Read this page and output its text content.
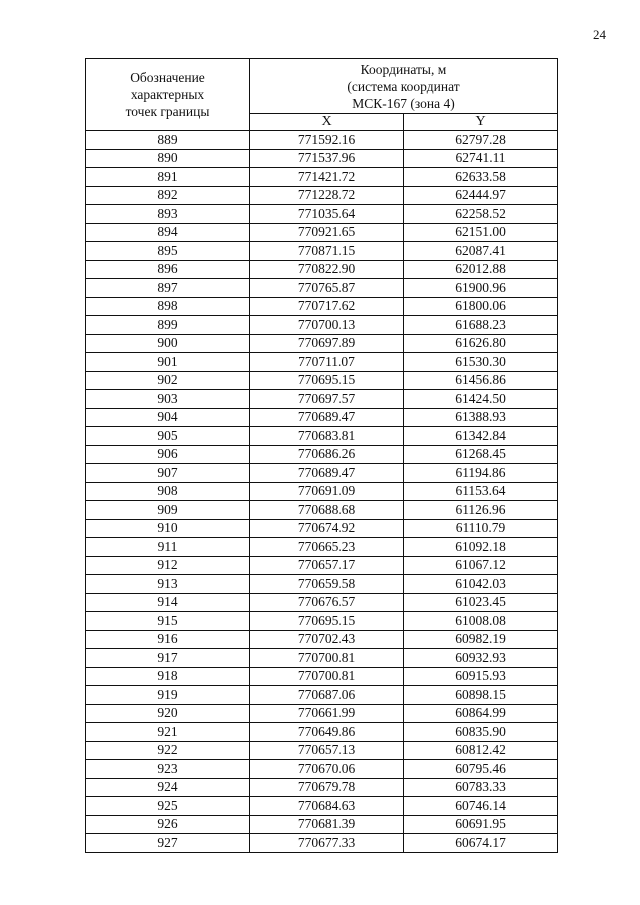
24
Обозначение
характерных
точек границы	Координаты, м
(система координат
МСК-167 (зона 4)	

	X	Y
889	771592.16	62797.28
890	771537.96	62741.11
891	771421.72	62633.58
892	771228.72	62444.97
893	771035.64	62258.52
894	770921.65	62151.00
895	770871.15	62087.41
896	770822.90	62012.88
897	770765.87	61900.96
898	770717.62	61800.06
899	770700.13	61688.23
900	770697.89	61626.80
901	770711.07	61530.30
902	770695.15	61456.86
903	770697.57	61424.50
904	770689.47	61388.93
905	770683.81	61342.84
906	770686.26	61268.45
907	770689.47	61194.86
908	770691.09	61153.64
909	770688.68	61126.96
910	770674.92	61110.79
911	770665.23	61092.18
912	770657.17	61067.12
913	770659.58	61042.03
914	770676.57	61023.45
915	770695.15	61008.08
916	770702.43	60982.19
917	770700.81	60932.93
918	770700.81	60915.93
919	770687.06	60898.15
920	770661.99	60864.99
921	770649.86	60835.90
922	770657.13	60812.42
923	770670.06	60795.46
924	770679.78	60783.33
925	770684.63	60746.14
926	770681.39	60691.95
927	770677.33	60674.17
